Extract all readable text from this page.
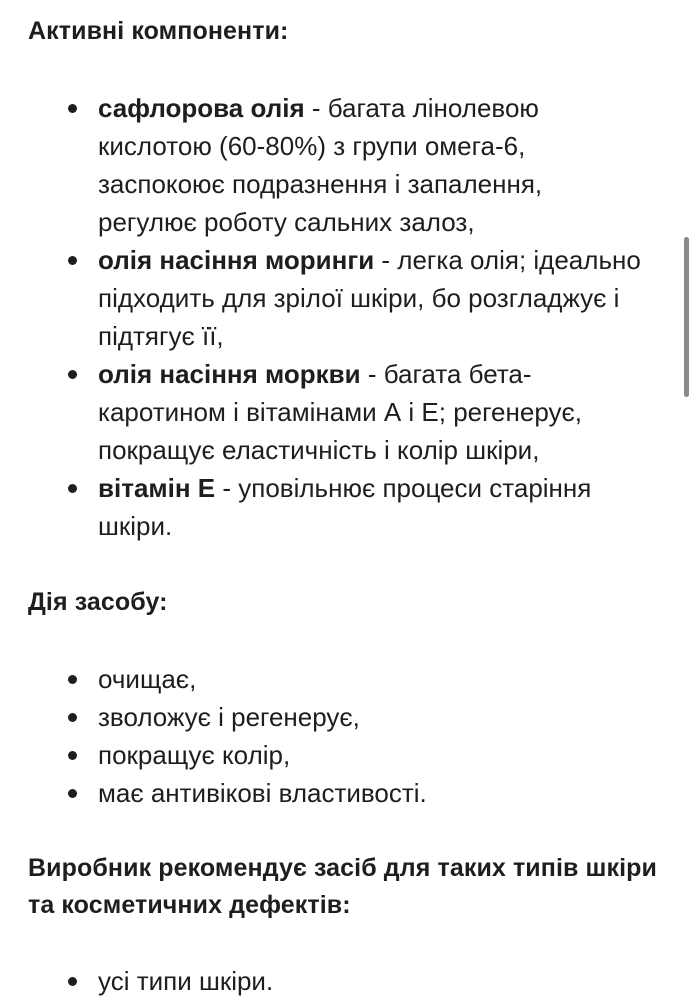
Активні компоненти:
сафлорова олія - багата лінолевою кислотою (60-80%) з групи омега-6, заспокоює подразнення і запалення, регулює роботу сальних залоз,
олія насіння моринги - легка олія; ідеально підходить для зрілої шкіри, бо розгладжує і підтягує її,
олія насіння моркви - багата бета-каротином і вітамінами А і Е; регенерує, покращує еластичність і колір шкіри,
вітамін Е - уповільнює процеси старіння шкіри.
Дія засобу:
очищає,
зволожує і регенерує,
покращує колір,
має антивікові властивості.
Виробник рекомендує засіб для таких типів шкіри та косметичних дефектів:
усі типи шкіри.
